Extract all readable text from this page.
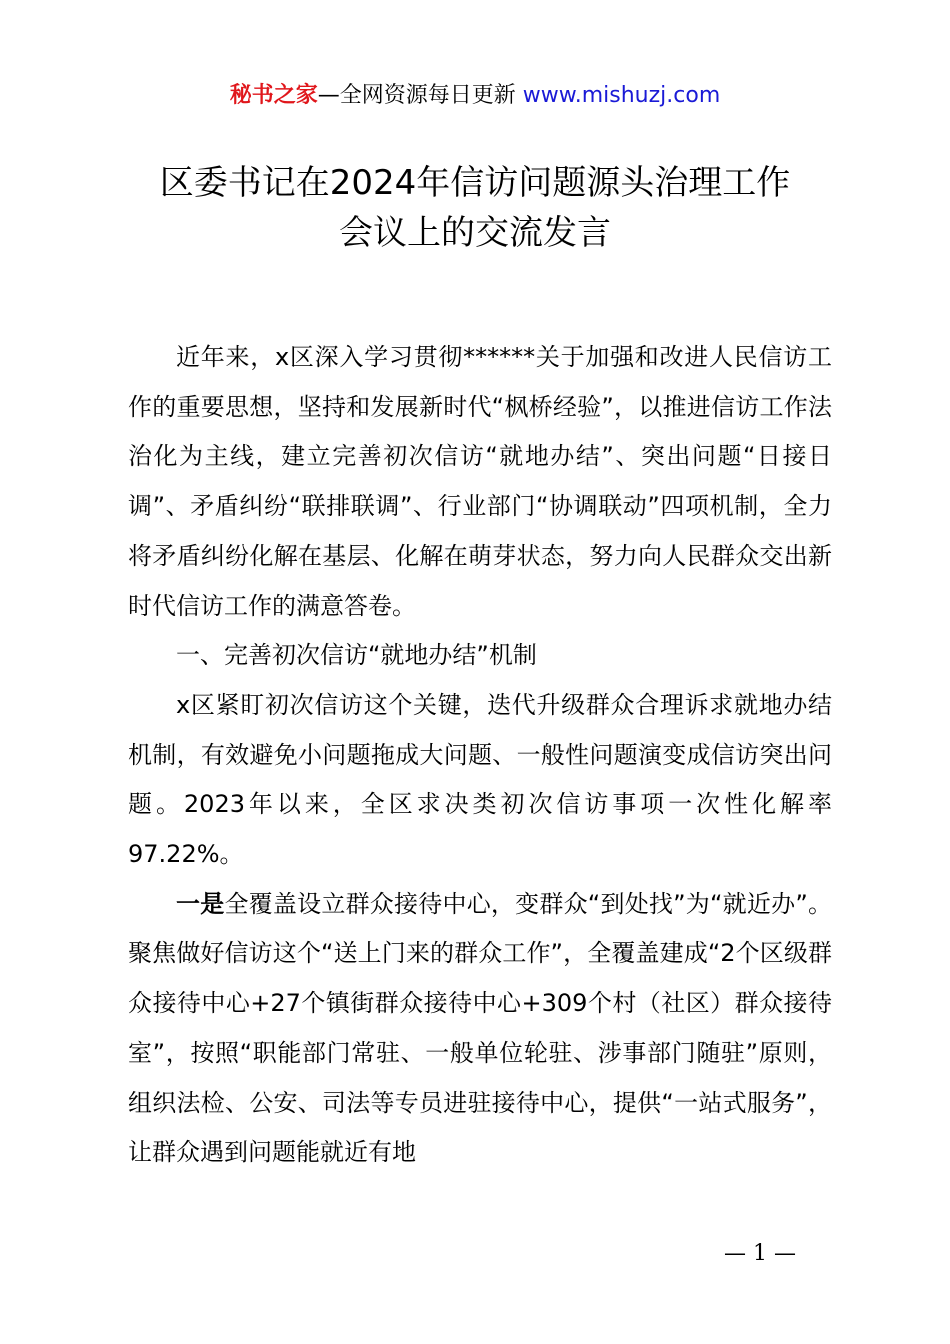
秘书之家—全网资源每日更新 www.mishuzj.com
区委书记在2024年信访问题源头治理工作
会议上的交流发言

近年来，x区深入学习贯彻******关于加强和改进人民信访工作的重要思想，坚持和发展新时代“枫桥经验”，以推进信访工作法治化为主线，建立完善初次信访“就地办结”、突出问题“日接日调”、矛盾纠纷“联排联调”、行业部门“协调联动”四项机制，全力将矛盾纠纷化解在基层、化解在萌芽状态，努力向人民群众交出新时代信访工作的满意答卷。

一、完善初次信访“就地办结”机制

x区紧盯初次信访这个关键，迭代升级群众合理诉求就地办结机制，有效避免小问题拖成大问题、一般性问题演变成信访突出问题。2023年以来，全区求决类初次信访事项一次性化解率97.22%。

一是全覆盖设立群众接待中心，变群众“到处找”为“就近办”。聚焦做好信访这个“送上门来的群众工作”，全覆盖建成“2个区级群众接待中心+27个镇街群众接待中心+309个村（社区）群众接待室”，按照“职能部门常驻、一般单位轮驻、涉事部门随驻”原则，组织法检、公安、司法等专员进驻接待中心，提供“一站式服务”，让群众遇到问题能就近有地

— 1 —
